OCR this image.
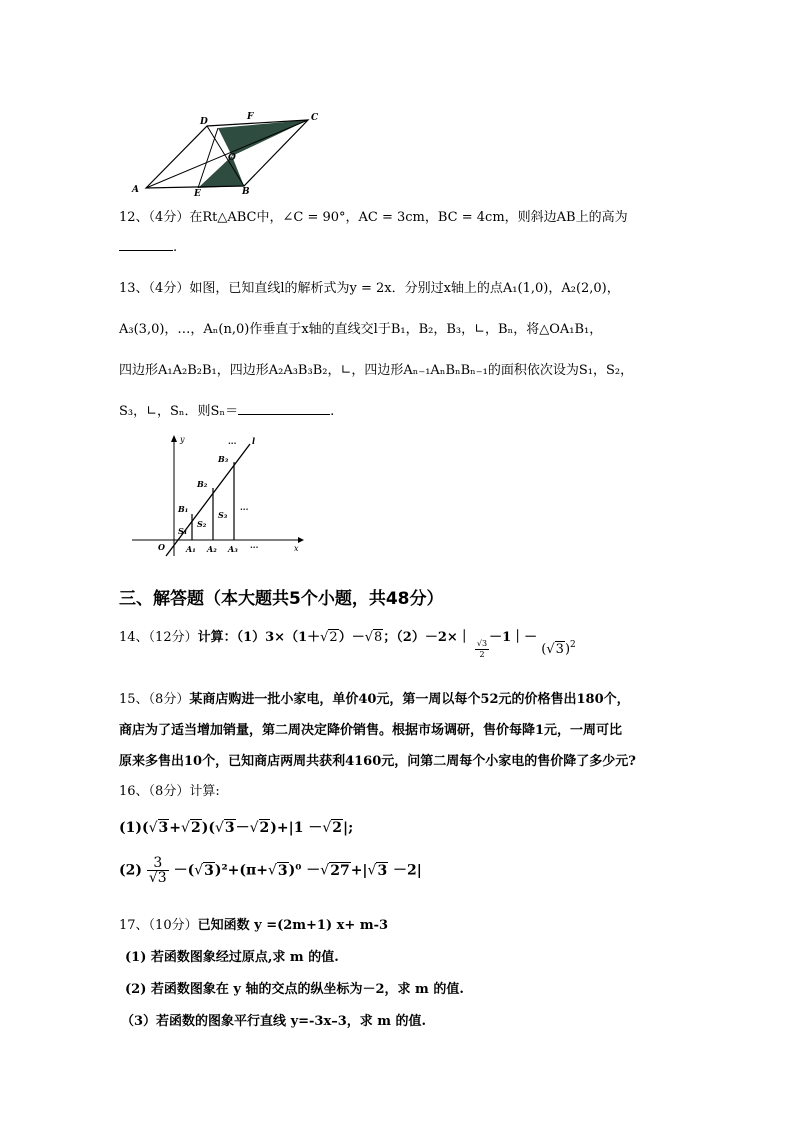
D	F	C
O
A	E	B
12、（4分）在Rt△ABC中，∠C = 90°，AC = 3cm，BC = 4cm，则斜边AB上的高为
.
13、（4分）如图，已知直线l的解析式为y = 2x．分别过x轴上的点A₁(1,0)，A₂(2,0)，
A₃(3,0)，…，Aₙ(n,0)作垂直于x轴的直线交l于B₁，B₂，B₃，∟，Bₙ，将△OA₁B₁，
四边形A₁A₂B₂B₁，四边形A₂A₃B₃B₂，∟，四边形Aₙ₋₁AₙBₙBₙ₋₁的面积依次设为S₁，S₂，
S₃，∟，Sₙ．则Sₙ＝	.
y	l
···
B₃
B₂
B₁
S₃
S₂
S₁
···
O	A₁ A₂ A₃ ···	x
三、解答题（本大题共5个小题，共48分）
14、（12分）计算：（1）3×（1＋√2）－√8；（2）－2×｜
$\frac{√3}{2}$
－1｜－ $(√3)^2$
15、（8分）某商店购进一批小家电，单价40元，第一周以每个52元的价格售出180个，
商店为了适当增加销量，第二周决定降价销售。根据市场调研，售价每降1元，一周可比
原来多售出10个，已知商店两周共获利4160元，问第二周每个小家电的售价降了多少元?
16、（8分）计算:
(1)(√3+√2)(√3－√2)+|1 －√2|;
$(2) \frac{3}{√3} -(√3)^2+(\pi+√3)^0 -√27+|√3 -2|$
17、（10分）已知函数 y =(2m+1) x+ m-3
(1) 若函数图象经过原点,求 m 的值.
(2) 若函数图象在 y 轴的交点的纵坐标为－2，求 m 的值.
（3）若函数的图象平行直线 y=-3x–3，求 m 的值.
